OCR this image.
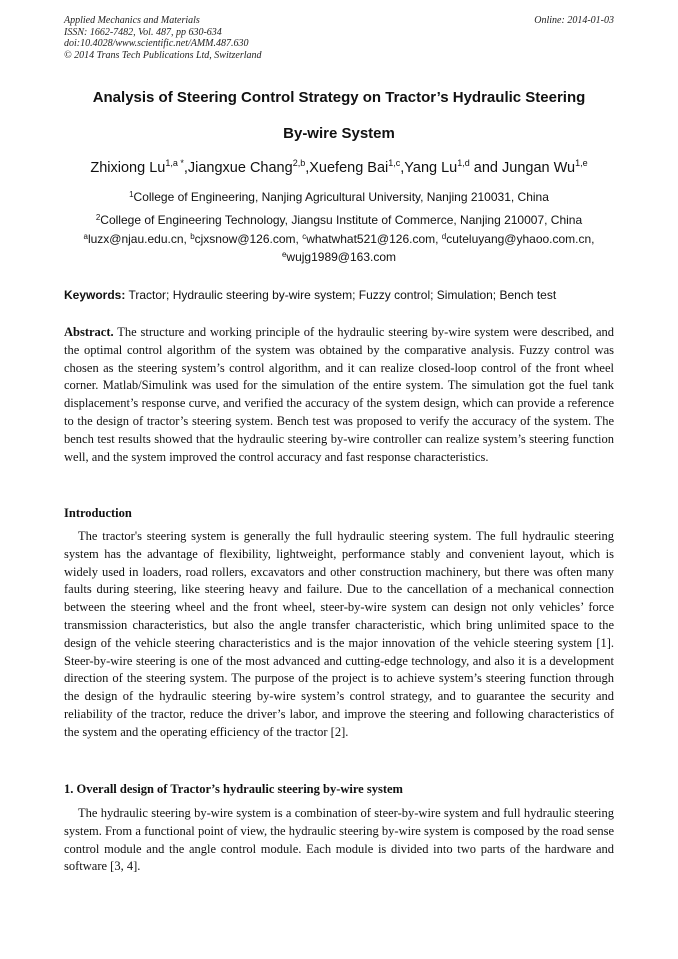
Applied Mechanics and Materials
ISSN: 1662-7482, Vol. 487, pp 630-634
doi:10.4028/www.scientific.net/AMM.487.630
© 2014 Trans Tech Publications Ltd, Switzerland
Online: 2014-01-03
Analysis of Steering Control Strategy on Tractor’s Hydraulic Steering
By-wire System
Zhixiong $Lu^{1,a *},Jiangxue$ Chang$^{2,b}$,Xuefeng Bai$^{1,c}$,Yang Lu$^{1,d}$ and Jungan Wu$^{1,e}$
$^1$College of Engineering, Nanjing Agricultural University, Nanjing 210031, China
$^2$College of Engineering Technology, Jiangsu Institute of Commerce, Nanjing 210007, China
$^a$luzx@njau.edu.cn, $^b$cjxsnow@126.com, $^c$whatwhat521@126.com, $^d$cuteluyang@yhaoo.com.cn,
$^e$wujg1989@163.com
Keywords: Tractor; Hydraulic steering by-wire system; Fuzzy control; Simulation; Bench test
Abstract. The structure and working principle of the hydraulic steering by-wire system were described, and the optimal control algorithm of the system was obtained by the comparative analysis. Fuzzy control was chosen as the steering system’s control algorithm, and it can realize closed-loop control of the front wheel corner. Matlab/Simulink was used for the simulation of the entire system. The simulation got the fuel tank displacement’s response curve, and verified the accuracy of the system design, which can provide a reference to the design of tractor’s steering system. Bench test was proposed to verify the accuracy of the system. The bench test results showed that the hydraulic steering by-wire controller can realize system’s steering function well, and the system improved the control accuracy and fast response characteristics.
Introduction
The tractor's steering system is generally the full hydraulic steering system. The full hydraulic steering system has the advantage of flexibility, lightweight, performance stably and convenient layout, which is widely used in loaders, road rollers, excavators and other construction machinery, but there was often many faults during steering, like steering heavy and failure. Due to the cancellation of a mechanical connection between the steering wheel and the front wheel, steer-by-wire system can design not only vehicles’ force transmission characteristics, but also the angle transfer characteristic, which bring unlimited space to the design of the vehicle steering characteristics and is the major innovation of the vehicle steering system [1]. Steer-by-wire steering is one of the most advanced and cutting-edge technology, and also it is a development direction of the steering system. The purpose of the project is to achieve system’s steering function through the design of the hydraulic steering by-wire system’s control strategy, and to guarantee the security and reliability of the tractor, reduce the driver’s labor, and improve the steering and following characteristics of the system and the operating efficiency of the tractor [2].
1. Overall design of Tractor’s hydraulic steering by-wire system
The hydraulic steering by-wire system is a combination of steer-by-wire system and full hydraulic steering system. From a functional point of view, the hydraulic steering by-wire system is composed by the road sense control module and the angle control module. Each module is divided into two parts of the hardware and software [3, 4].
